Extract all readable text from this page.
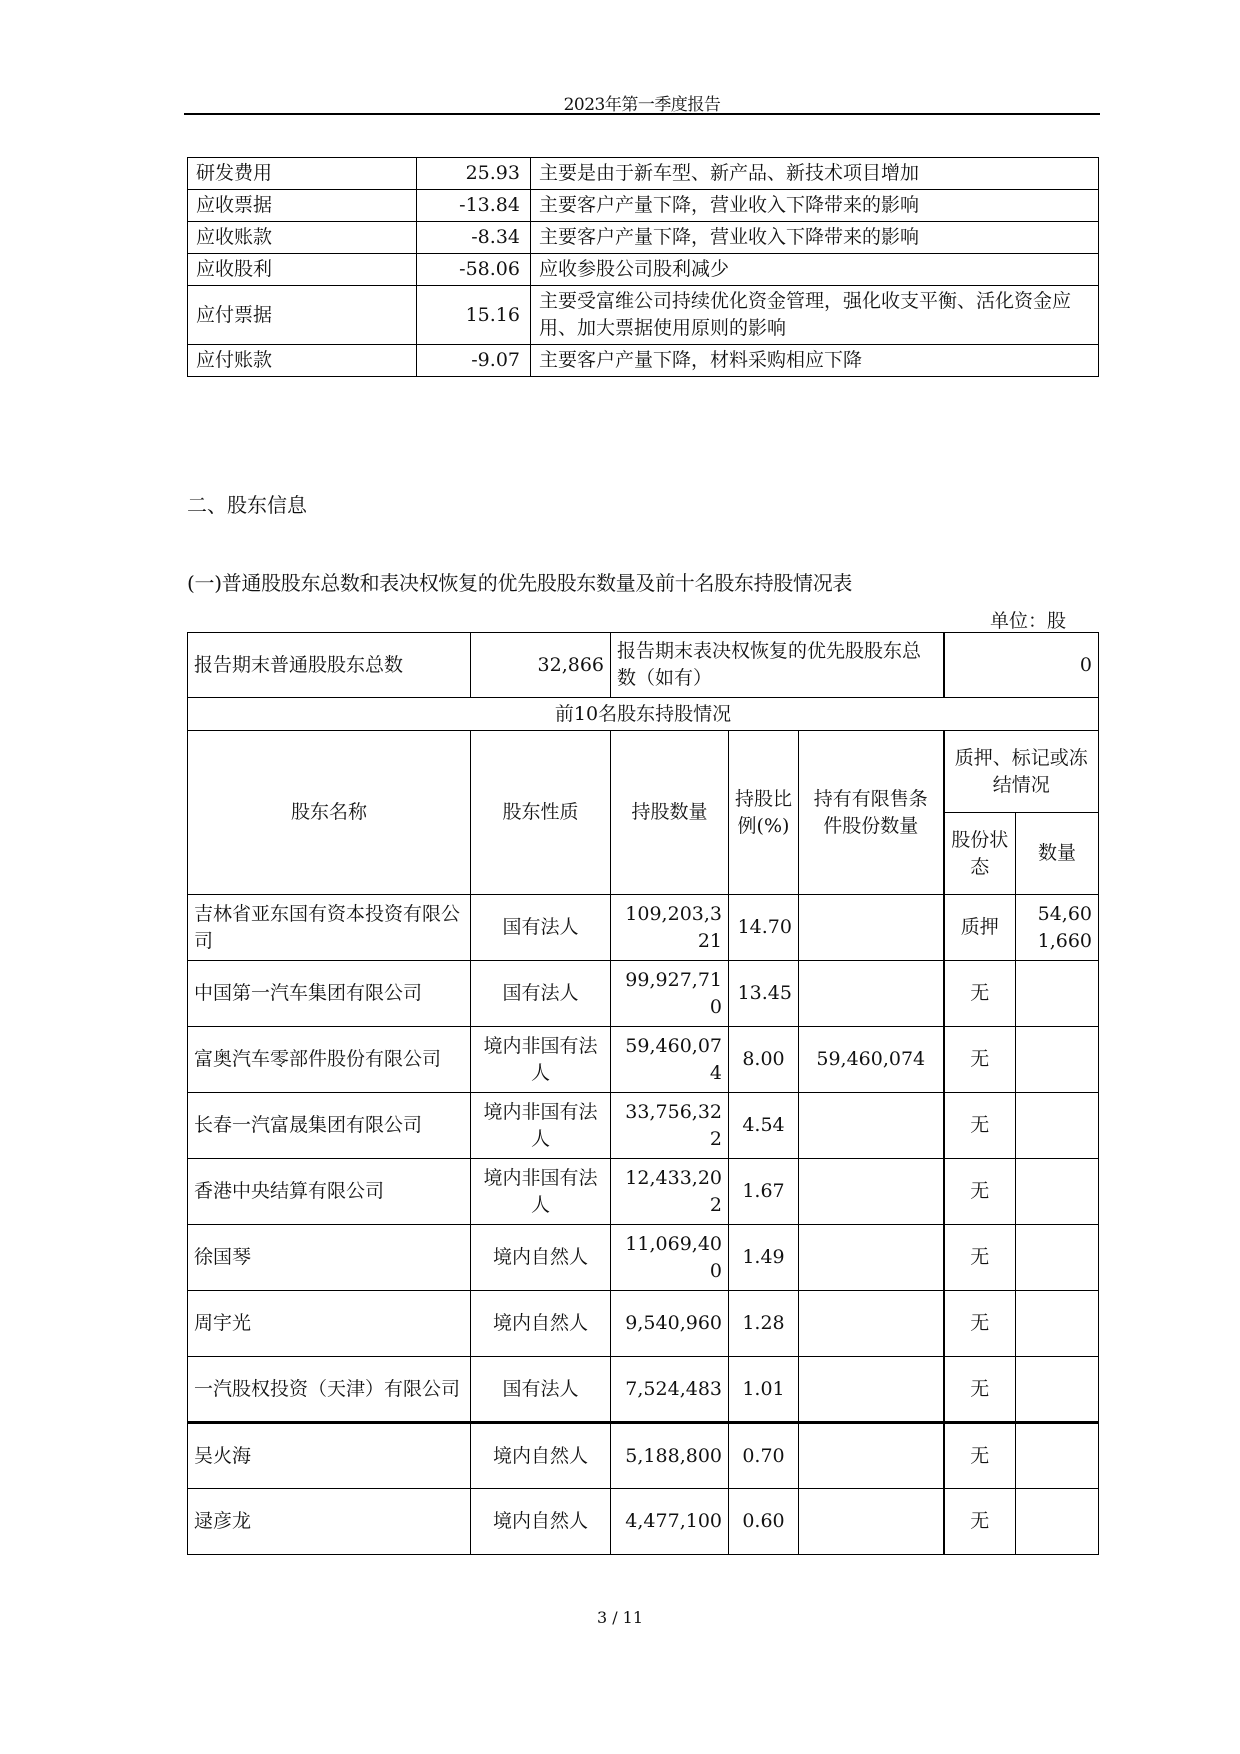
2023年第一季度报告
研发费用	25.93	主要是由于新车型、新产品、新技术项目增加
应收票据	-13.84	主要客户产量下降，营业收入下降带来的影响
应收账款	-8.34	主要客户产量下降，营业收入下降带来的影响
应收股利	-58.06	应收参股公司股利减少
应付票据	15.16	主要受富维公司持续优化资金管理，强化收支平衡、活化资金应用、加大票据使用原则的影响
应付账款	-9.07	主要客户产量下降，材料采购相应下降
二、股东信息
(一)普通股股东总数和表决权恢复的优先股股东数量及前十名股东持股情况表
单位：股
报告期末普通股股东总数	32,866	报告期末表决权恢复的优先股股东总数（如有）			0	
前10名股东持股情况						
股东名称	股东性质	持股数量	持股比例(%)	持有有限售条件股份数量	质押、标记或冻结情况	
					股份状态	数量
吉林省亚东国有资本投资有限公司	国有法人	109,203,321	14.70		质押	54,601,660
中国第一汽车集团有限公司	国有法人	99,927,710	13.45		无	
富奥汽车零部件股份有限公司	境内非国有法人	59,460,074	8.00	59,460,074	无	
长春一汽富晟集团有限公司	境内非国有法人	33,756,322	4.54		无	
香港中央结算有限公司	境内非国有法人	12,433,202	1.67		无	
徐国琴	境内自然人	11,069,400	1.49		无	
周宇光	境内自然人	9,540,960	1.28		无	
一汽股权投资（天津）有限公司	国有法人	7,524,483	1.01		无	
吴火海	境内自然人	5,188,800	0.70		无	
逯彦龙	境内自然人	4,477,100	0.60		无	
3 / 11
